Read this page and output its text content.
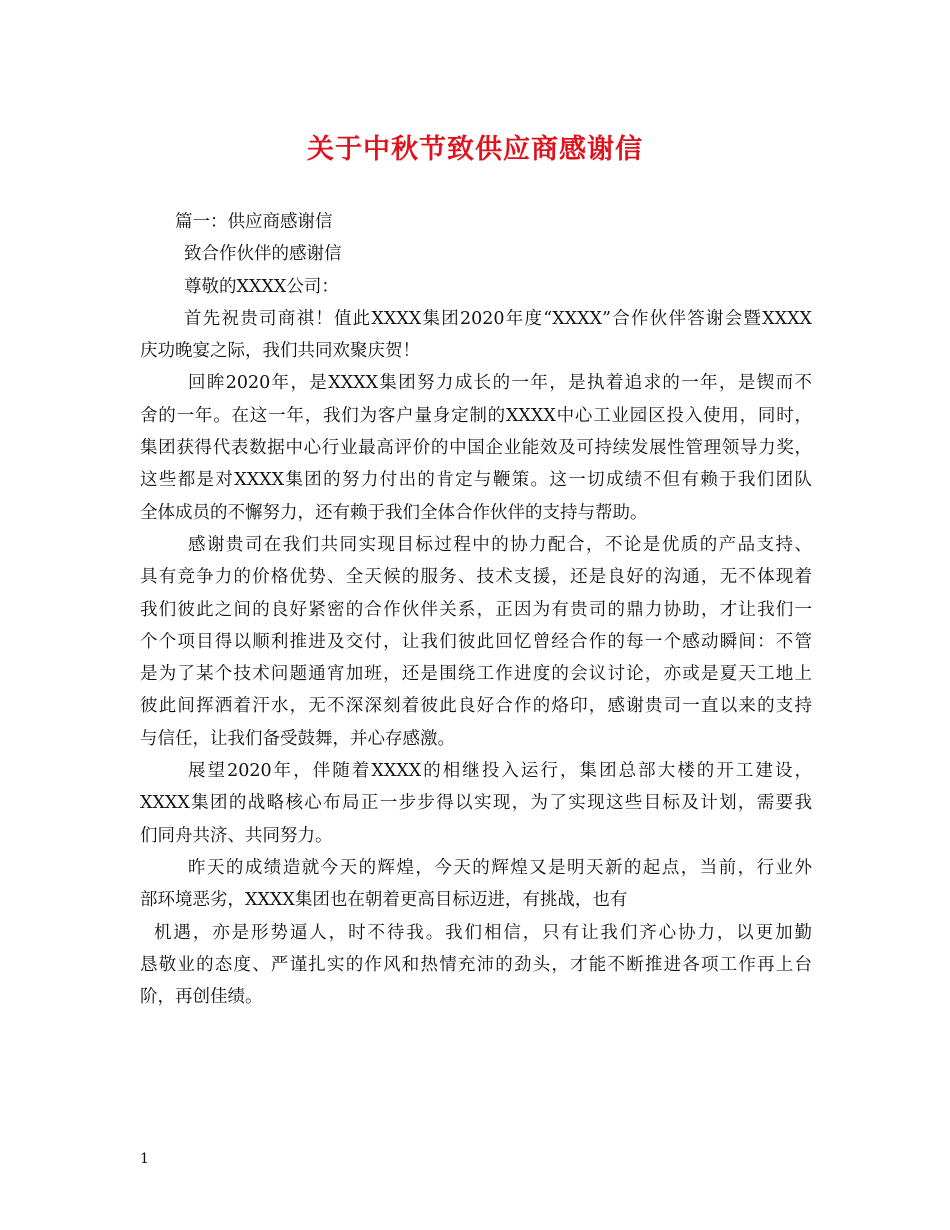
关于中秋节致供应商感谢信
篇一：供应商感谢信
致合作伙伴的感谢信
尊敬的XXXX公司：
首先祝贵司商祺！值此XXXX集团2020年度“XXXX”合作伙伴答谢会暨XXXX
庆功晚宴之际，我们共同欢聚庆贺！
回眸2020年，是XXXX集团努力成长的一年，是执着追求的一年，是锲而不
舍的一年。在这一年，我们为客户量身定制的XXXX中心工业园区投入使用，同时，
集团获得代表数据中心行业最高评价的中国企业能效及可持续发展性管理领导力奖，
这些都是对XXXX集团的努力付出的肯定与鞭策。这一切成绩不但有赖于我们团队
全体成员的不懈努力，还有赖于我们全体合作伙伴的支持与帮助。
感谢贵司在我们共同实现目标过程中的协力配合，不论是优质的产品支持、
具有竞争力的价格优势、全天候的服务、技术支援，还是良好的沟通，无不体现着
我们彼此之间的良好紧密的合作伙伴关系，正因为有贵司的鼎力协助，才让我们一
个个项目得以顺利推进及交付，让我们彼此回忆曾经合作的每一个感动瞬间：不管
是为了某个技术问题通宵加班，还是围绕工作进度的会议讨论，亦或是夏天工地上
彼此间挥洒着汗水，无不深深刻着彼此良好合作的烙印，感谢贵司一直以来的支持
与信任，让我们备受鼓舞，并心存感激。
展望2020年，伴随着XXXX的相继投入运行，集团总部大楼的开工建设，
XXXX集团的战略核心布局正一步步得以实现，为了实现这些目标及计划，需要我
们同舟共济、共同努力。
昨天的成绩造就今天的辉煌，今天的辉煌又是明天新的起点，当前，行业外
部环境恶劣，XXXX集团也在朝着更高目标迈进，有挑战，也有
机遇，亦是形势逼人，时不待我。我们相信，只有让我们齐心协力，以更加勤
恳敬业的态度、严谨扎实的作风和热情充沛的劲头，才能不断推进各项工作再上台
阶，再创佳绩。
1
